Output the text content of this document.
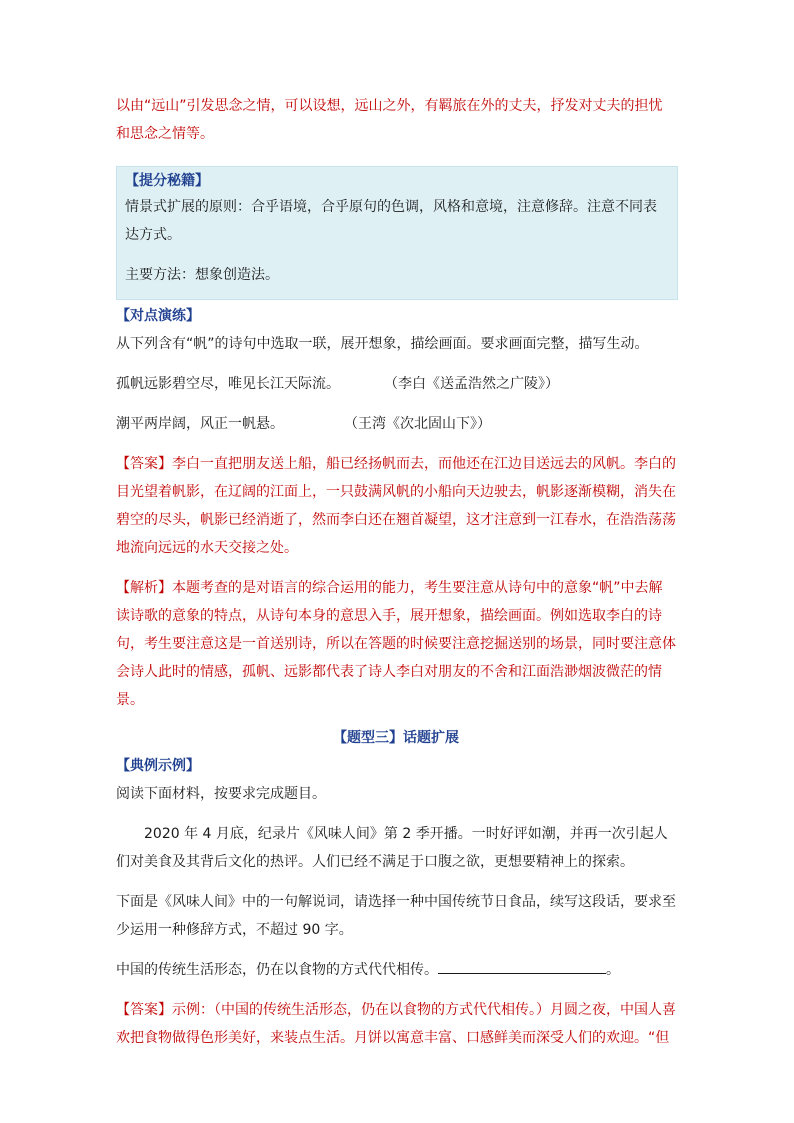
以由“远山”引发思念之情，可以设想，远山之外，有羁旅在外的丈夫，抒发对丈夫的担忧和思念之情等。

【提分秘籍】

情景式扩展的原则：合乎语境，合乎原句的色调，风格和意境，注意修辞。注意不同表达方式。

主要方法：想象创造法。

【对点演练】

从下列含有“帆”的诗句中选取一联，展开想象，描绘画面。要求画面完整，描写生动。

孤帆远影碧空尽，唯见长江天际流。	（李白《送孟浩然之广陵》）

潮平两岸阔，风正一帆悬。	（王湾《次北固山下》）

【答案】李白一直把朋友送上船，船已经扬帆而去，而他还在江边目送远去的风帆。李白的目光望着帆影，在辽阔的江面上，一只鼓满风帆的小船向天边驶去，帆影逐渐模糊，消失在碧空的尽头，帆影已经消逝了，然而李白还在翘首凝望，这才注意到一江春水，在浩浩荡荡地流向远远的水天交接之处。

【解析】本题考查的是对语言的综合运用的能力，考生要注意从诗句中的意象“帆”中去解读诗歌的意象的特点，从诗句本身的意思入手，展开想象，描绘画面。例如选取李白的诗句，考生要注意这是一首送别诗，所以在答题的时候要注意挖掘送别的场景，同时要注意体会诗人此时的情感，孤帆、远影都代表了诗人李白对朋友的不舍和江面浩渺烟波微茫的情景。

【题型三】话题扩展
【典例示例】

阅读下面材料，按要求完成题目。

2020 年 4 月底，纪录片《风味人间》第 2 季开播。一时好评如潮，并再一次引起人们对美食及其背后文化的热评。人们已经不满足于口腹之欲，更想要精神上的探索。

下面是《风味人间》中的一句解说词，请选择一种中国传统节日食品，续写这段话，要求至少运用一种修辞方式，不超过 90 字。

中国的传统生活形态，仍在以食物的方式代代相传。	。

【答案】示例：（中国的传统生活形态，仍在以食物的方式代代相传。）月圆之夜，中国人喜欢把食物做得色形美好，来装点生活。月饼以寓意丰富、口感鲜美而深受人们的欢迎。“但
